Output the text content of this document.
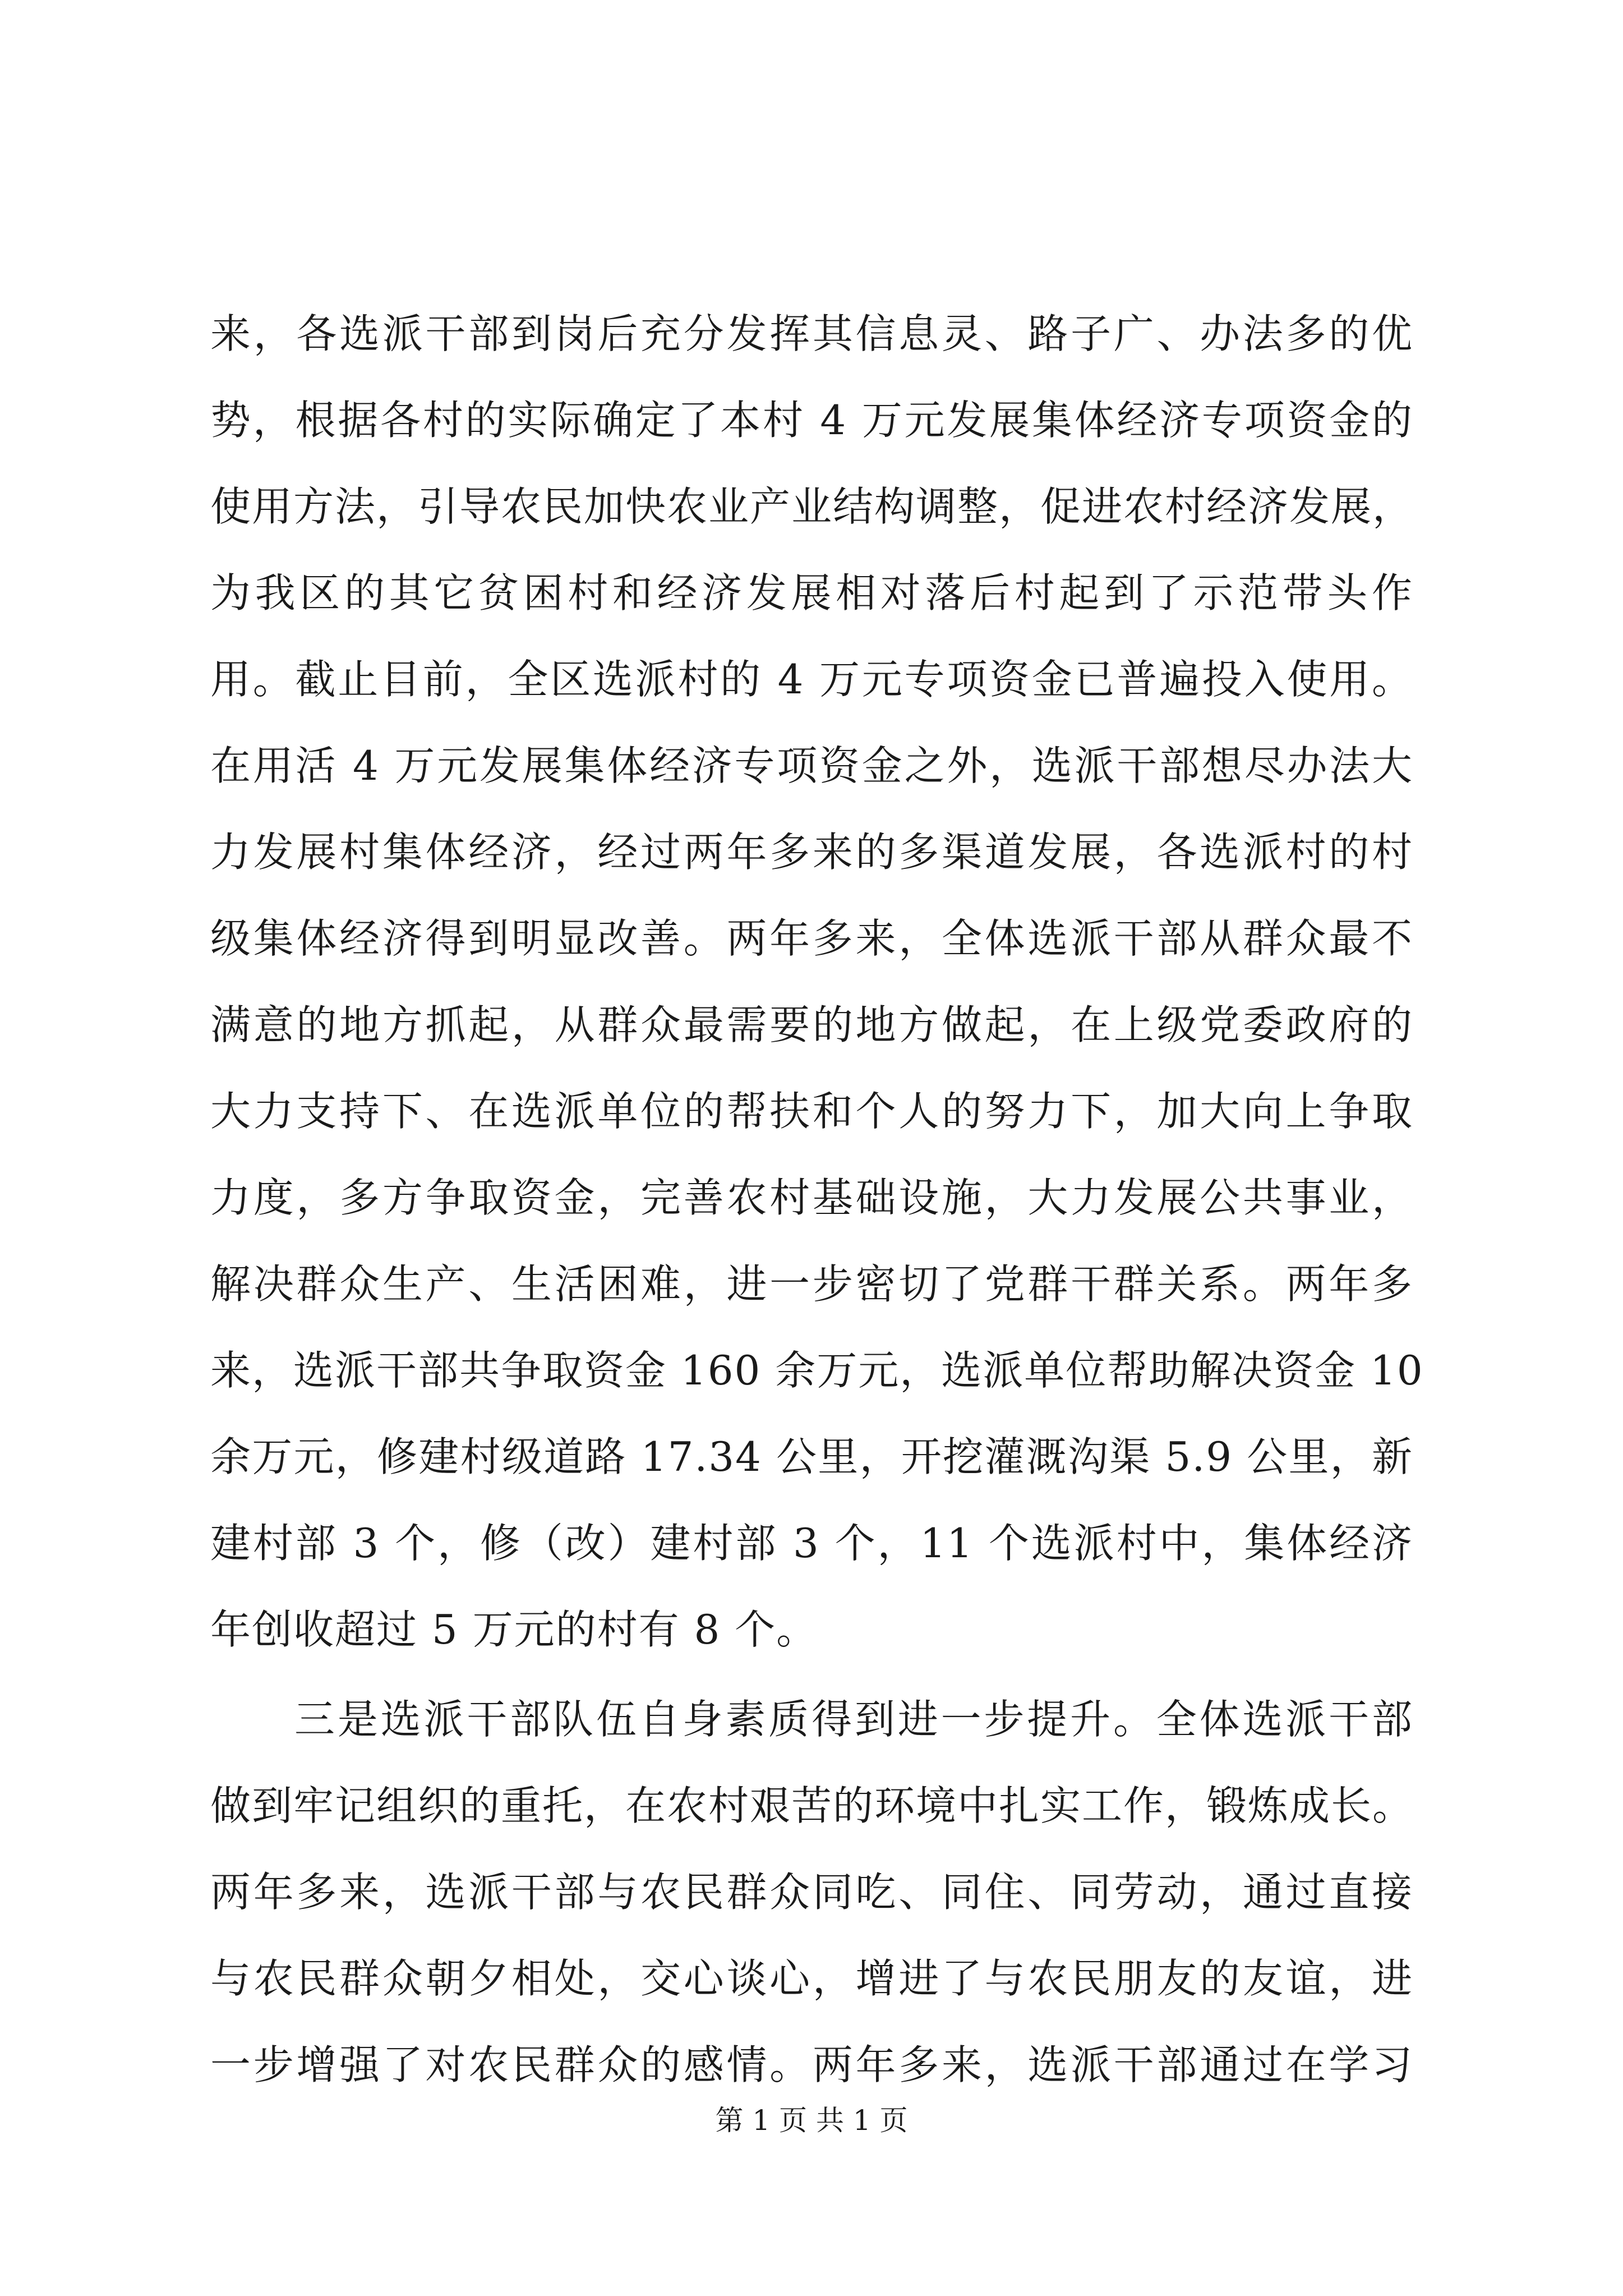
来，各选派干部到岗后充分发挥其信息灵、路子广、办法多的优
势，根据各村的实际确定了本村 4 万元发展集体经济专项资金的
使用方法，引导农民加快农业产业结构调整，促进农村经济发展，
为我区的其它贫困村和经济发展相对落后村起到了示范带头作
用。截止目前，全区选派村的 4 万元专项资金已普遍投入使用。
在用活 4 万元发展集体经济专项资金之外，选派干部想尽办法大
力发展村集体经济，经过两年多来的多渠道发展，各选派村的村
级集体经济得到明显改善。两年多来，全体选派干部从群众最不
满意的地方抓起，从群众最需要的地方做起，在上级党委政府的
大力支持下、在选派单位的帮扶和个人的努力下，加大向上争取
力度，多方争取资金，完善农村基础设施，大力发展公共事业，
解决群众生产、生活困难，进一步密切了党群干群关系。两年多
来，选派干部共争取资金 160 余万元，选派单位帮助解决资金 10
余万元，修建村级道路 17.34 公里，开挖灌溉沟渠 5.9 公里，新
建村部 3 个，修（改）建村部 3 个，11 个选派村中，集体经济
年创收超过 5 万元的村有 8 个。
三是选派干部队伍自身素质得到进一步提升。全体选派干部
做到牢记组织的重托，在农村艰苦的环境中扎实工作，锻炼成长。
两年多来，选派干部与农民群众同吃、同住、同劳动，通过直接
与农民群众朝夕相处，交心谈心，增进了与农民朋友的友谊，进
一步增强了对农民群众的感情。两年多来，选派干部通过在学习
第 1 页 共 1 页
